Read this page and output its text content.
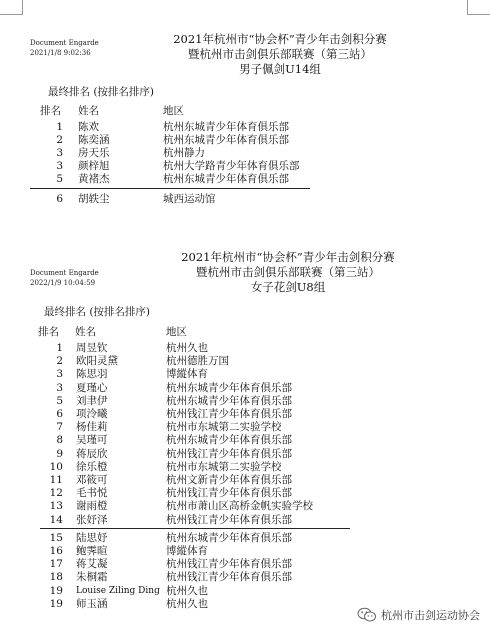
Document Engarde
2021/1/8 9:02:36
2021年杭州市“协会杯”青少年击剑积分赛
暨杭州市击剑俱乐部联赛（第三站）
男子佩剑U14组
最终排名 (按排名排序)
排名 姓名	地区
1 陈欢	杭州东城青少年体育俱乐部
2 陈奕涵	杭州东城青少年体育俱乐部
3 房天乐	杭州静力
3 颜梓旭	杭州大学路青少年体育俱乐部
5 黄褚杰	杭州东城青少年体育俱乐部
6 胡轶尘	城西运动馆
Document Engarde
2022/1/9 10:04:59
2021年杭州市“协会杯”青少年击剑积分赛
暨杭州市击剑俱乐部联赛（第三站）
女子花剑U8组
最终排名 (按排名排序)
排名 姓名	地区
1 周昱钦	杭州久也
2 欧阳灵黛	杭州德胜万国
3 陈思羽	博縱体育
3 夏瑾心	杭州东城青少年体育俱乐部
5 刘聿伊	杭州东城青少年体育俱乐部
6 项泠曦	杭州钱江青少年体育俱乐部
7 杨佳莉	杭州市东城第二实验学校
8 吴瑾可	杭州东城青少年体育俱乐部
9 蒋辰欣	杭州钱江青少年体育俱乐部
10 徐乐橙	杭州市东城第二实验学校
11 邓筱可	杭州文新青少年体育俱乐部
12 毛书悦	杭州钱江青少年体育俱乐部
13 谢雨橙	杭州市萧山区高桥金帆实验学校
14 张妤泽	杭州钱江青少年体育俱乐部
15 陆思妤	杭州东城青少年体育俱乐部
16 鲍霁暄	博縱体育
17 蒋艾凝	杭州钱江青少年体育俱乐部
18 朱桐霜	杭州钱江青少年体育俱乐部
19 Louise Ziling Ding 杭州久也
19 师玉涵	杭州久也
杭州市击剑运动协会
